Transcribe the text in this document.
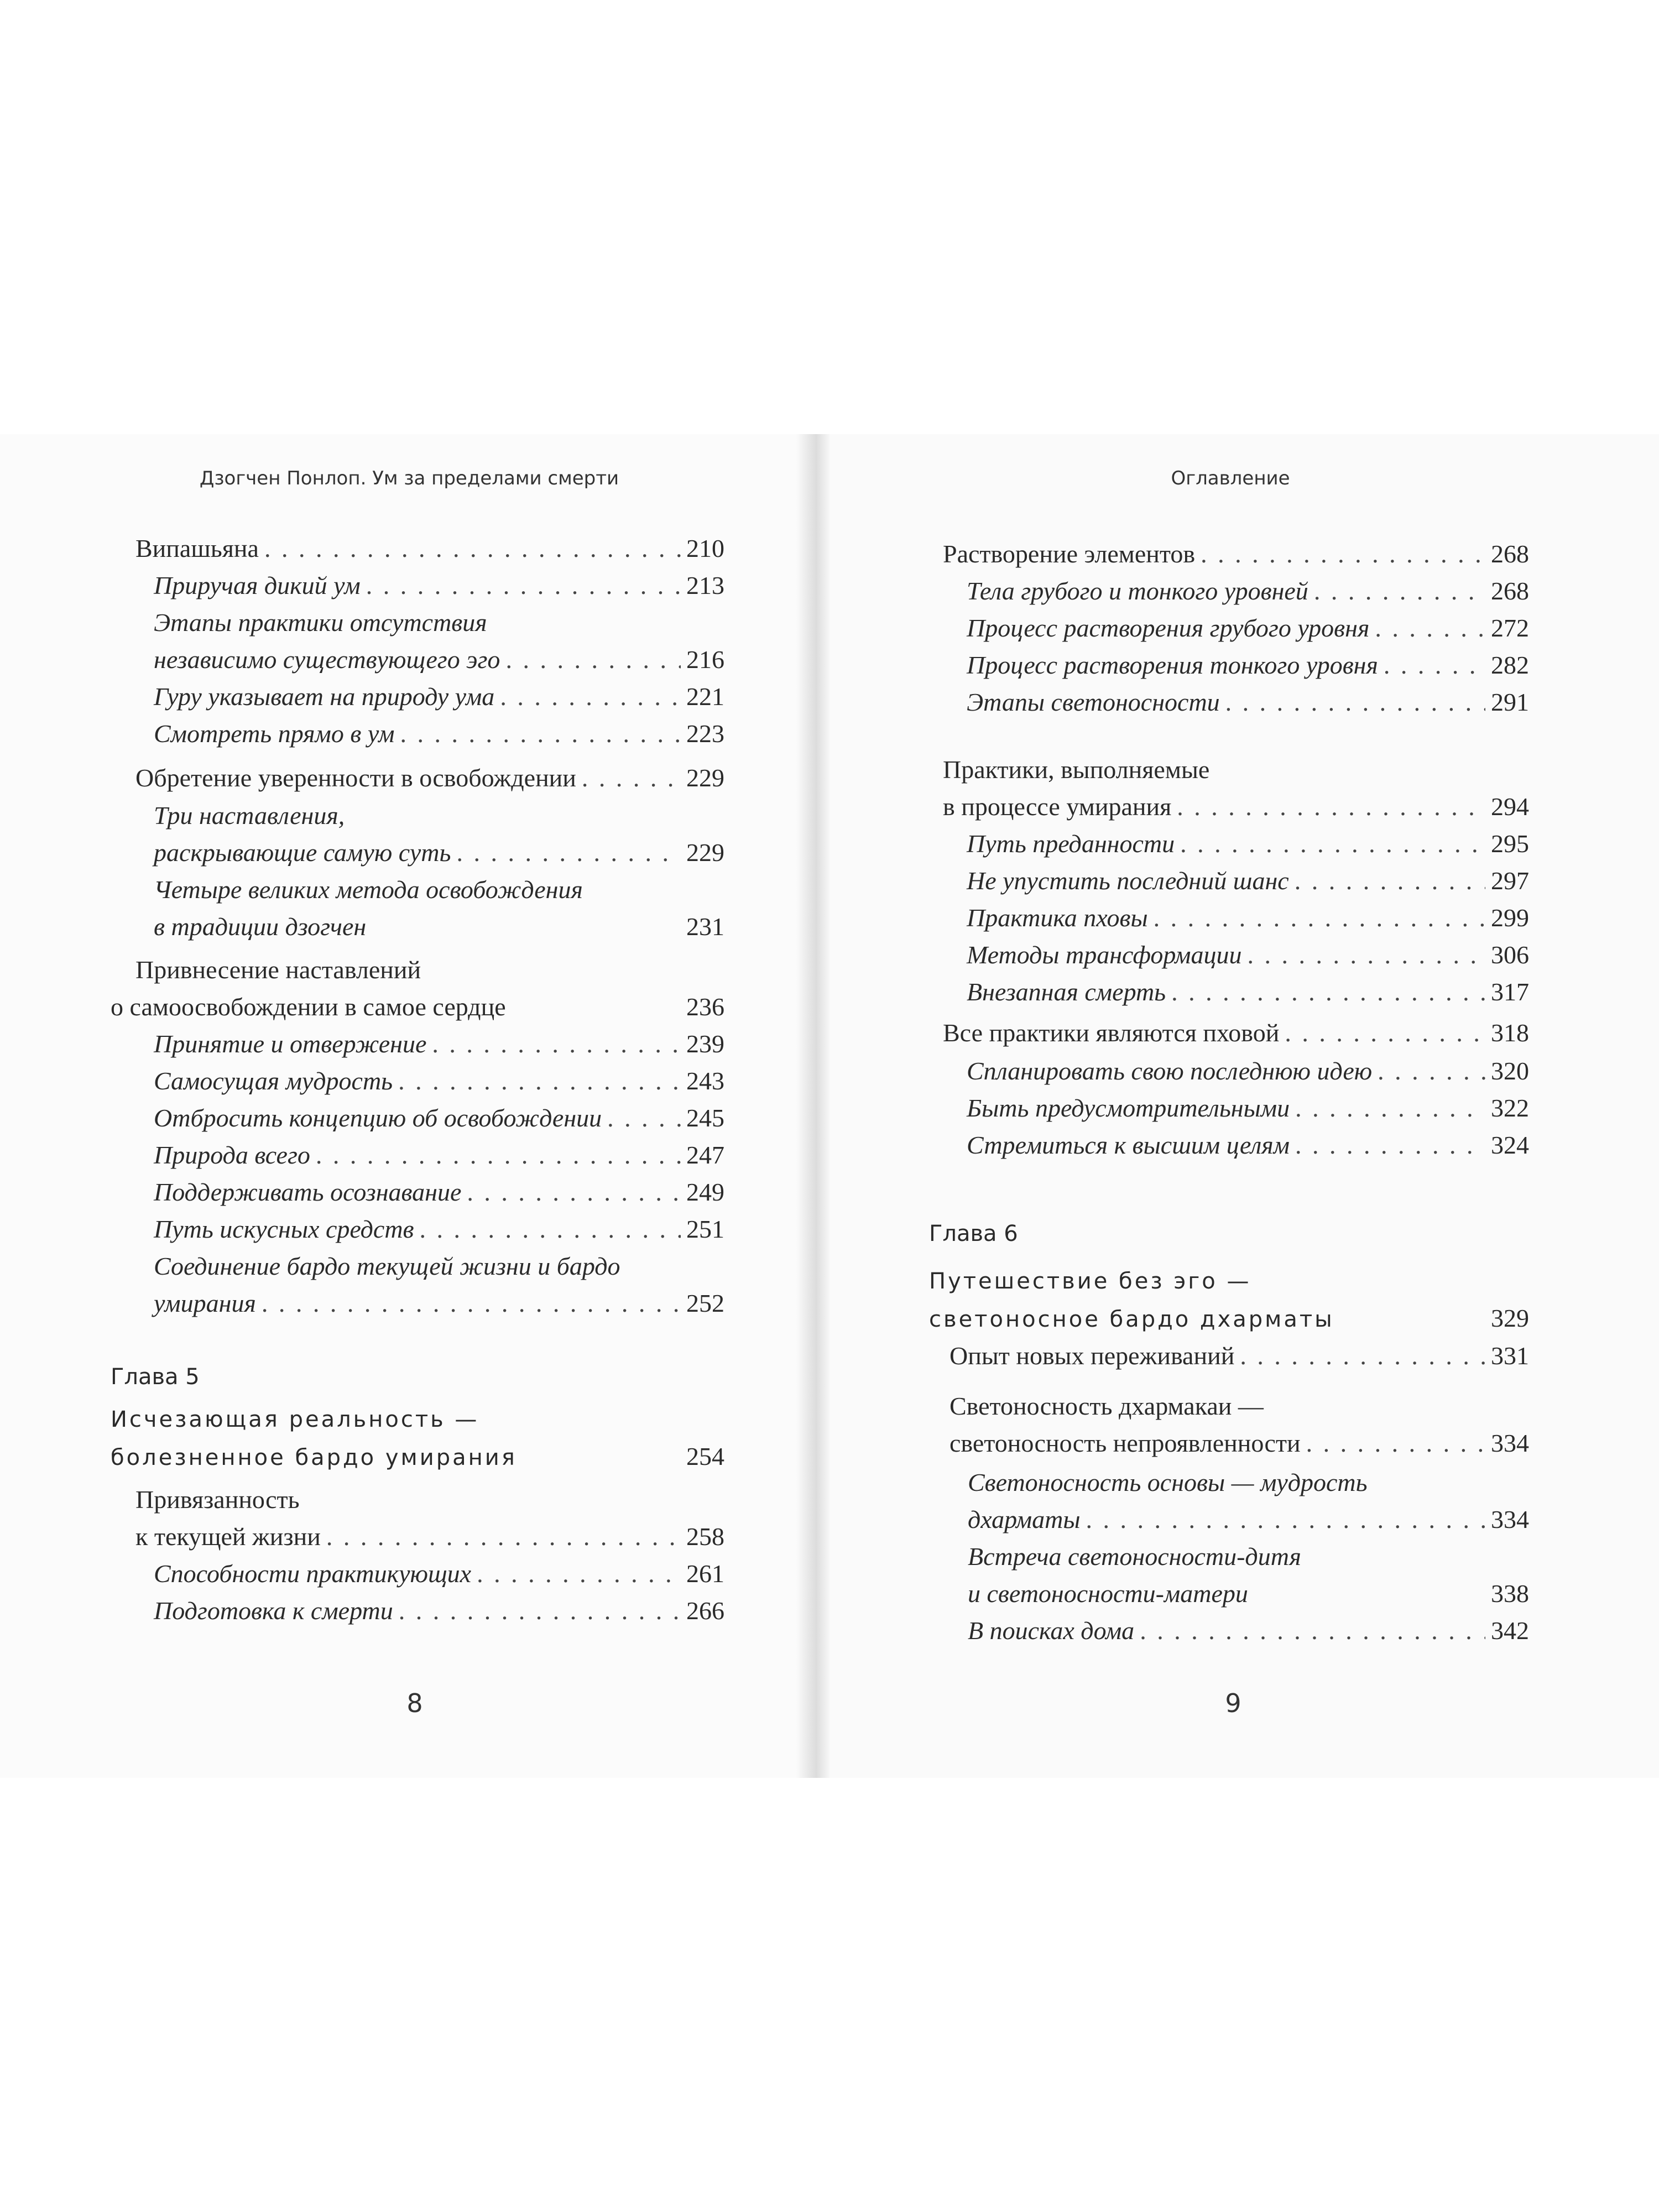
Дзогчен Понлоп. Ум за пределами смерти	Оглавление
Випашьяна . . .	210
Приручая дикий ум . . .	213
Этапы практики отсутствия
независимо существующего эго . . .	216
Гуру указывает на природу ума . . .	221
Смотреть прямо в ум . . .	223
Обретение уверенности в освобождении . . .	229
Три наставления,
раскрывающие самую суть . . .	229
Четыре великих метода освобождения
в традиции дзогчен	231
Привнесение наставлений
о самоосвобождении в самое сердце	236
Принятие и отвержение . . .	239
Самосущая мудрость . . .	243
Отбросить концепцию об освобождении . . .	245
Природа всего . . .	247
Поддерживать осознавание . . .	249
Путь искусных средств . . .	251
Соединение бардо текущей жизни и бардо
умирания . . .	252
Глава 5
Исчезающая реальность —
болезненное бардо умирания	254
Привязанность
к текущей жизни . . .	258
Способности практикующих . . .	261
Подготовка к смерти . . .	266
Растворение элементов . . .	268
Тела грубого и тонкого уровней . . .	268
Процесс растворения грубого уровня . . .	272
Процесс растворения тонкого уровня . . .	282
Этапы светоносности . . .	291
Практики, выполняемые
в процессе умирания . . .	294
Путь преданности . . .	295
Не упустить последний шанс . . .	297
Практика пховы . . .	299
Методы трансформации . . .	306
Внезапная смерть . . .	317
Все практики являются пховой . . .	318
Спланировать свою последнюю идею . . .	320
Быть предусмотрительными . . .	322
Стремиться к высшим целям . . .	324
Глава 6
Путешествие без эго —
светоносное бардо дхарматы	329
Опыт новых переживаний . . .	331
Светоносность дхармакаи —
светоносность непроявленности . . .	334
Светоносность основы — мудрость
дхарматы . . .	334
Встреча светоносности-дитя
и светоносности-матери	338
В поисках дома . . .	342
8	9
